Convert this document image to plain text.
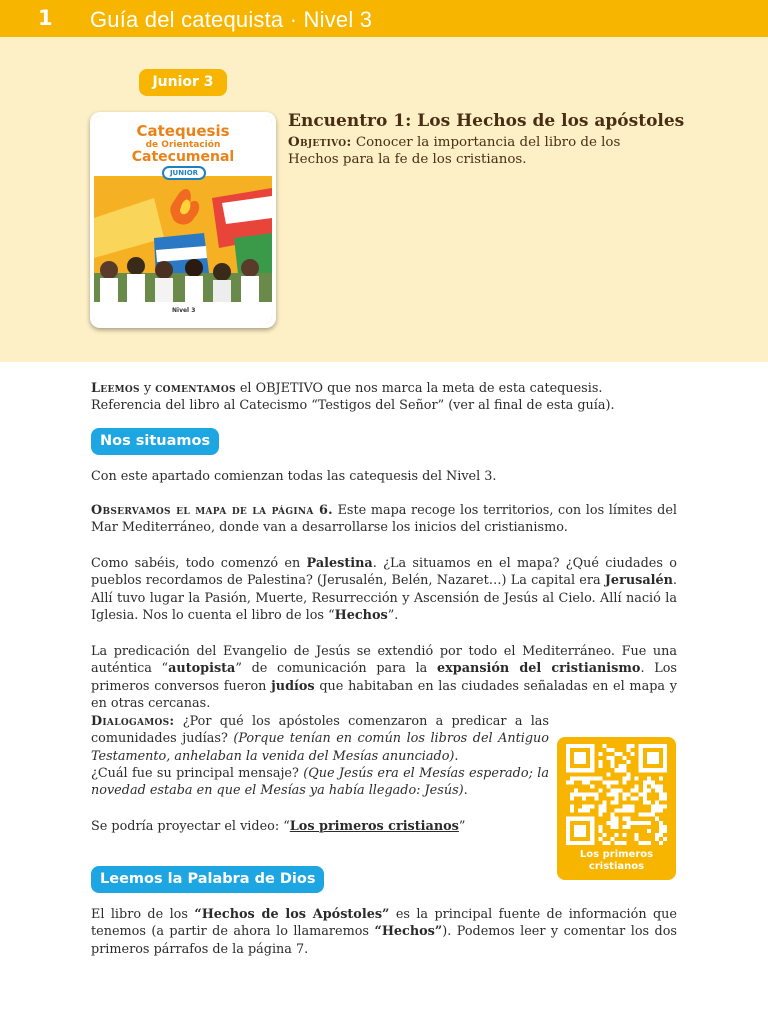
1 Guía del catequista · Nivel 3
Junior 3
Catequesis
de Orientación
Catecumenal
JUNIOR
Nivel 3
Encuentro 1: Los Hechos de los apóstoles
Objetivo: Conocer la importancia del libro de los Hechos para la fe de los cristianos.
Leemos y comentamos el OBJETIVO que nos marca la meta de esta catequesis.
Referencia del libro al Catecismo “Testigos del Señor” (ver al final de esta guía).
Nos situamos
Con este apartado comienzan todas las catequesis del Nivel 3.
Observamos el mapa de la página 6. Este mapa recoge los territorios, con los límites del Mar Mediterráneo, donde van a desarrollarse los inicios del cristianismo.
Como sabéis, todo comenzó en Palestina. ¿La situamos en el mapa? ¿Qué ciudades o pueblos recordamos de Palestina? (Jerusalén, Belén, Nazaret…) La capital era Jerusalén. Allí tuvo lugar la Pasión, Muerte, Resurrección y Ascensión de Jesús al Cielo. Allí nació la Iglesia. Nos lo cuenta el libro de los “Hechos”.
La predicación del Evangelio de Jesús se extendió por todo el Mediterráneo. Fue una auténtica “autopista” de comunicación para la expansión del cristianismo. Los primeros conversos fueron judíos que habitaban en las ciudades señaladas en el mapa y en otras cercanas.
Dialogamos: ¿Por qué los apóstoles comenzaron a predicar a las comunidades judías? (Porque tenían en común los libros del Antiguo Testamento, anhelaban la venida del Mesías anunciado).
¿Cuál fue su principal mensaje? (Que Jesús era el Mesías esperado; la novedad estaba en que el Mesías ya había llegado: Jesús).
Se podría proyectar el video: “Los primeros cristianos”
Los primeros
cristianos
Leemos la Palabra de Dios
El libro de los “Hechos de los Apóstoles” es la principal fuente de información que tenemos (a partir de ahora lo llamaremos “Hechos”). Podemos leer y comentar los dos primeros párrafos de la página 7.
